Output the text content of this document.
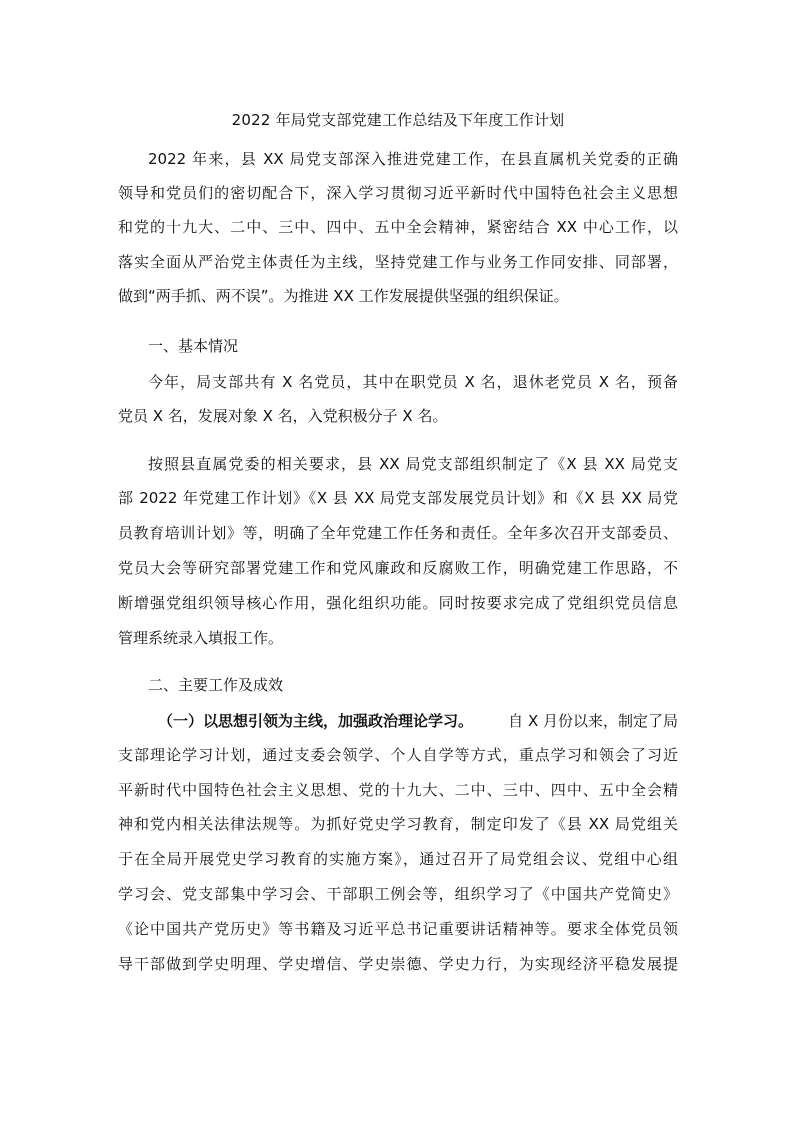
2022 年局党支部党建工作总结及下年度工作计划
2022 年来，县 XX 局党支部深入推进党建工作，在县直属机关党委的正确
领导和党员们的密切配合下，深入学习贯彻习近平新时代中国特色社会主义思想
和党的十九大、二中、三中、四中、五中全会精神，紧密结合 XX 中心工作，以
落实全面从严治党主体责任为主线，坚持党建工作与业务工作同安排、同部署，
做到“两手抓、两不误”。为推进 XX 工作发展提供坚强的组织保证。
一、基本情况
今年，局支部共有 X 名党员，其中在职党员 X 名，退休老党员 X 名，预备
党员 X 名，发展对象 X 名，入党积极分子 X 名。
按照县直属党委的相关要求，县 XX 局党支部组织制定了《X 县 XX 局党支
部 2022 年党建工作计划》《X 县 XX 局党支部发展党员计划》和《X 县 XX 局党
员教育培训计划》等，明确了全年党建工作任务和责任。全年多次召开支部委员、
党员大会等研究部署党建工作和党风廉政和反腐败工作，明确党建工作思路，不
断增强党组织领导核心作用，强化组织功能。同时按要求完成了党组织党员信息
管理系统录入填报工作。
二、主要工作及成效
（一）以思想引领为主线，加强政治理论学习。 自 X 月份以来，制定了局
支部理论学习计划，通过支委会领学、个人自学等方式，重点学习和领会了习近
平新时代中国特色社会主义思想、党的十九大、二中、三中、四中、五中全会精
神和党内相关法律法规等。为抓好党史学习教育，制定印发了《县 XX 局党组关
于在全局开展党史学习教育的实施方案》，通过召开了局党组会议、党组中心组
学习会、党支部集中学习会、干部职工例会等，组织学习了《中国共产党简史》
《论中国共产党历史》等书籍及习近平总书记重要讲话精神等。要求全体党员领
导干部做到学史明理、学史增信、学史崇德、学史力行，为实现经济平稳发展提
